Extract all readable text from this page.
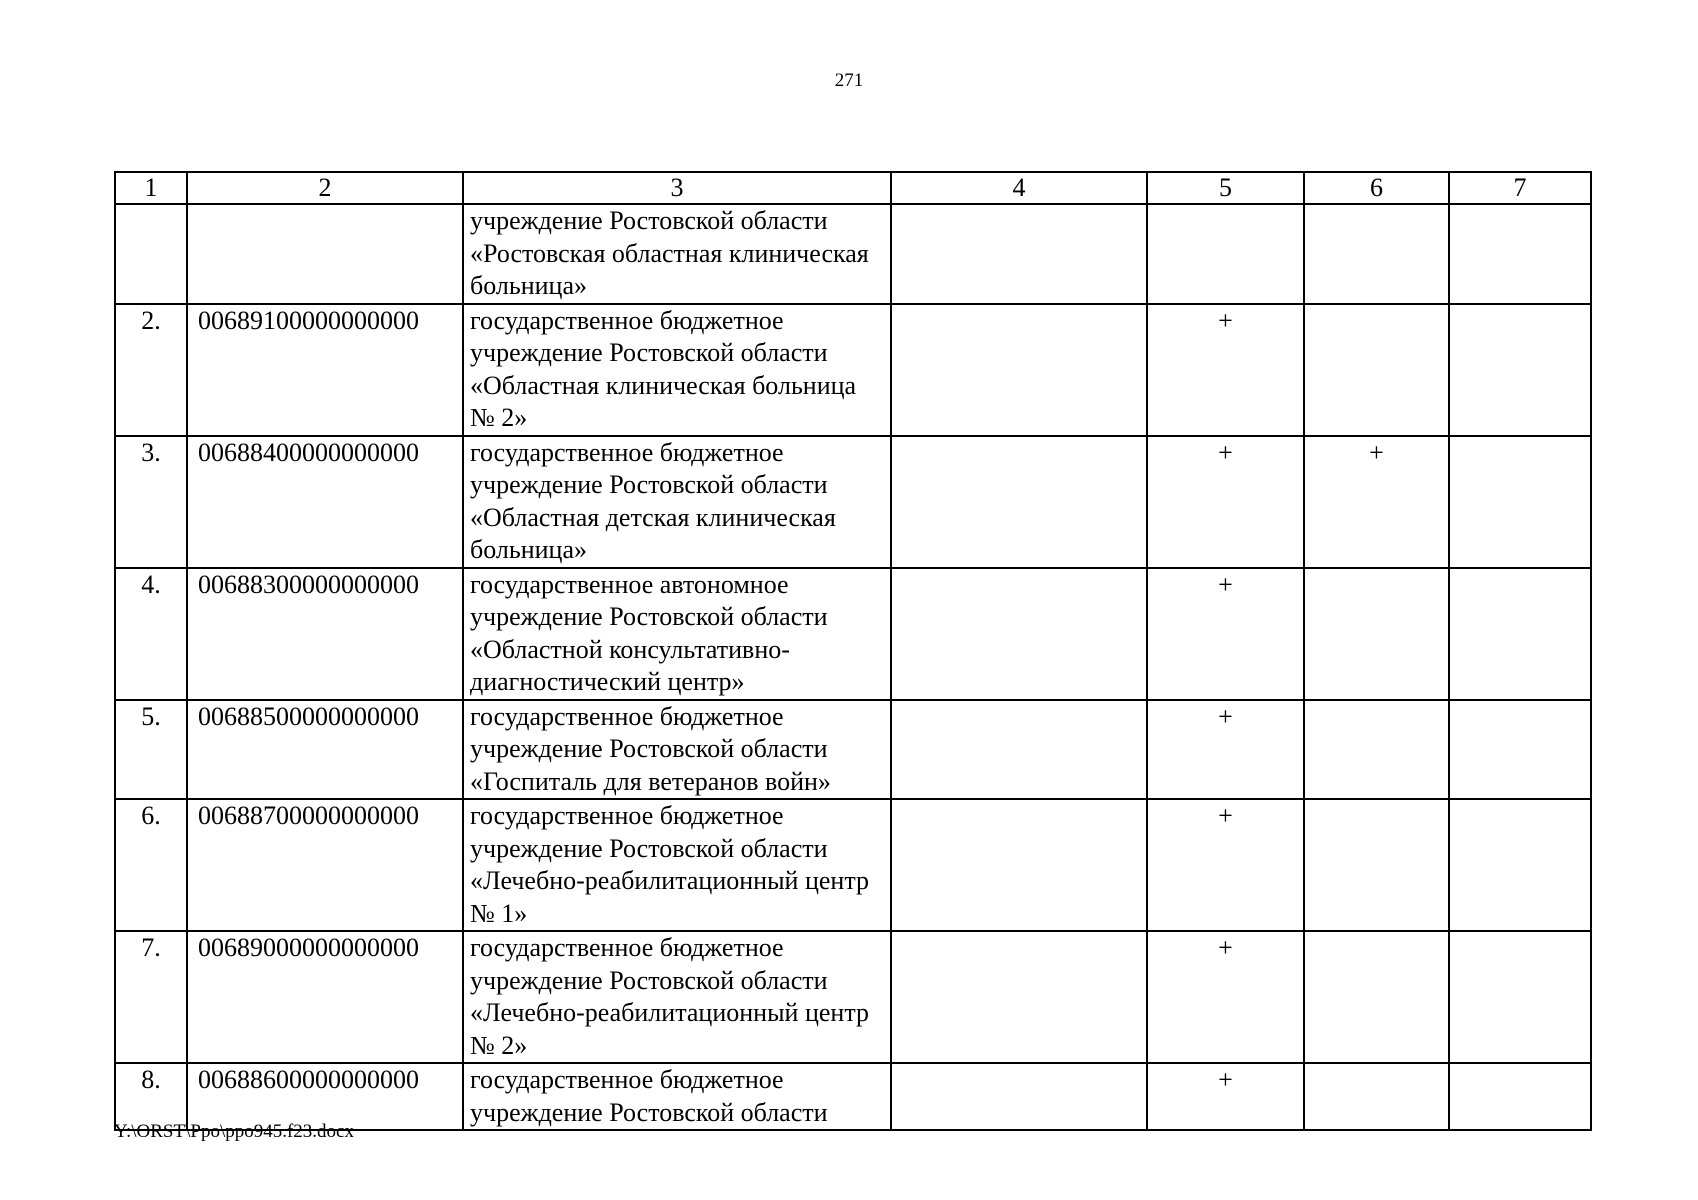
271
1	2	3	4	5	6	7
		учреждение Ростовской области «Ростовская областная клиническая больница»				
2.	00689100000000000	государственное бюджетное учреждение Ростовской области «Областная клиническая больница № 2»		+		
3.	00688400000000000	государственное бюджетное учреждение Ростовской области «Областная детская клиническая больница»		+	+	
4.	00688300000000000	государственное автономное учреждение Ростовской области «Областной консультативно-диагностический центр»		+		
5.	00688500000000000	государственное бюджетное учреждение Ростовской области «Госпиталь для ветеранов войн»		+		
6.	00688700000000000	государственное бюджетное учреждение Ростовской области «Лечебно-реабилитационный центр № 1»		+		
7.	00689000000000000	государственное бюджетное учреждение Ростовской области «Лечебно-реабилитационный центр № 2»		+		
8.	00688600000000000	государственное бюджетное учреждение Ростовской области		+		
Y:\ORST\Ppo\ppo945.f23.docx
